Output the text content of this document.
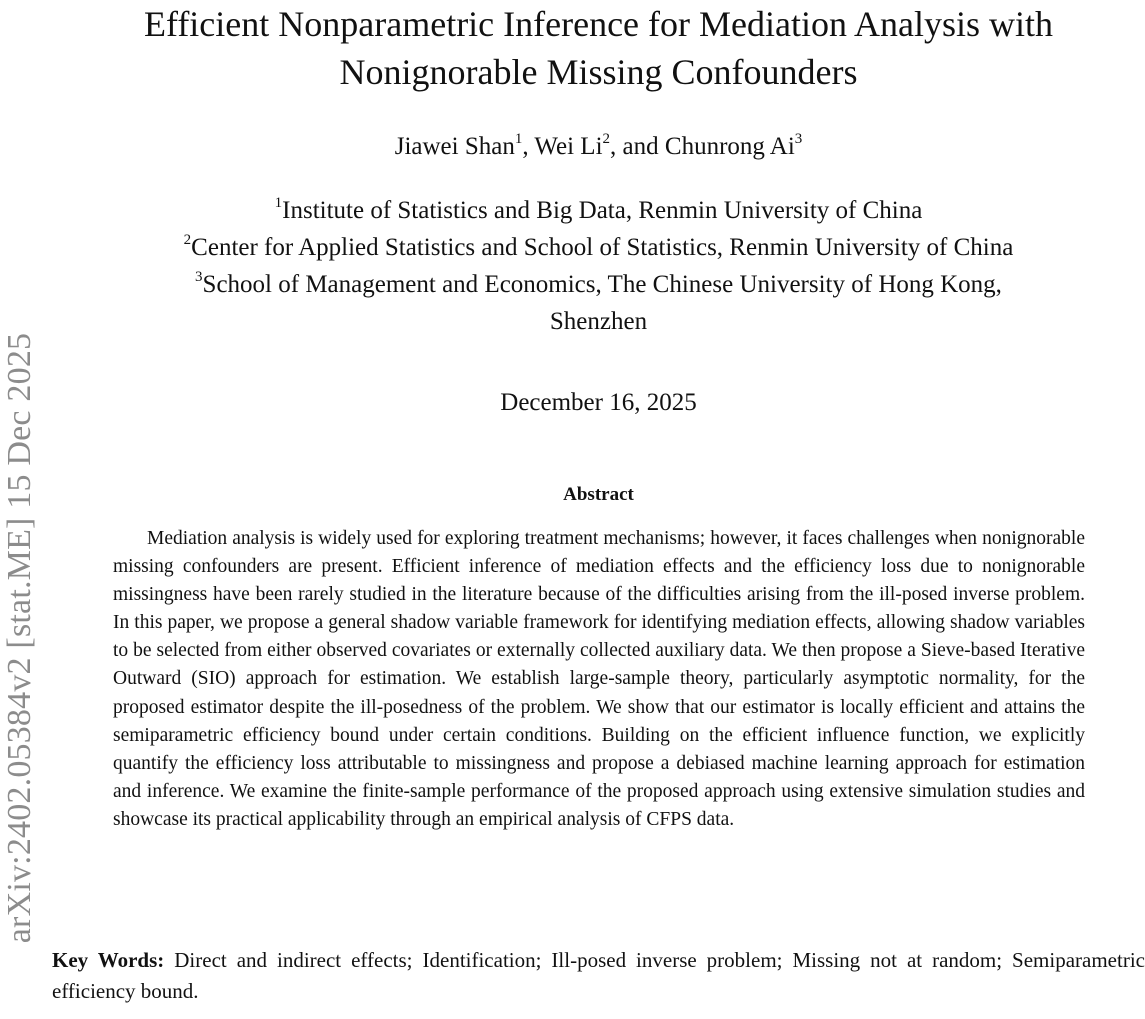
arXiv:2402.05384v2 [stat.ME] 15 Dec 2025
Efficient Nonparametric Inference for Mediation Analysis with
Nonignorable Missing Confounders
Jiawei Shan$^1$, Wei Li$^2$, and Chunrong Ai$^3$
$^1$Institute of Statistics and Big Data, Renmin University of China
$^2$Center for Applied Statistics and School of Statistics, Renmin University of China
$^3$School of Management and Economics, The Chinese University of Hong Kong,
Shenzhen
December 16, 2025
Abstract

Mediation analysis is widely used for exploring treatment mechanisms; however, it faces challenges when nonignorable missing confounders are present. Efficient inference of mediation effects and the efficiency loss due to nonignorable missingness have been rarely studied in the literature because of the difficulties arising from the ill-posed inverse problem. In this paper, we propose a general shadow variable framework for identifying mediation effects, allowing shadow variables to be selected from either observed covariates or externally collected auxiliary data. We then propose a Sieve-based Iterative Outward (SIO) approach for estimation. We establish large-sample theory, particularly asymptotic normality, for the proposed estimator despite the ill-posedness of the problem. We show that our estimator is locally efficient and attains the semiparametric efficiency bound under certain conditions. Building on the efficient influence function, we explicitly quantify the efficiency loss attributable to missingness and propose a debiased machine learning approach for estimation and inference. We examine the finite-sample performance of the proposed approach using extensive simulation studies and showcase its practical applicability through an empirical analysis of CFPS data.

Key Words: Direct and indirect effects; Identification; Ill-posed inverse problem; Missing not at random; Semiparametric efficiency bound.
